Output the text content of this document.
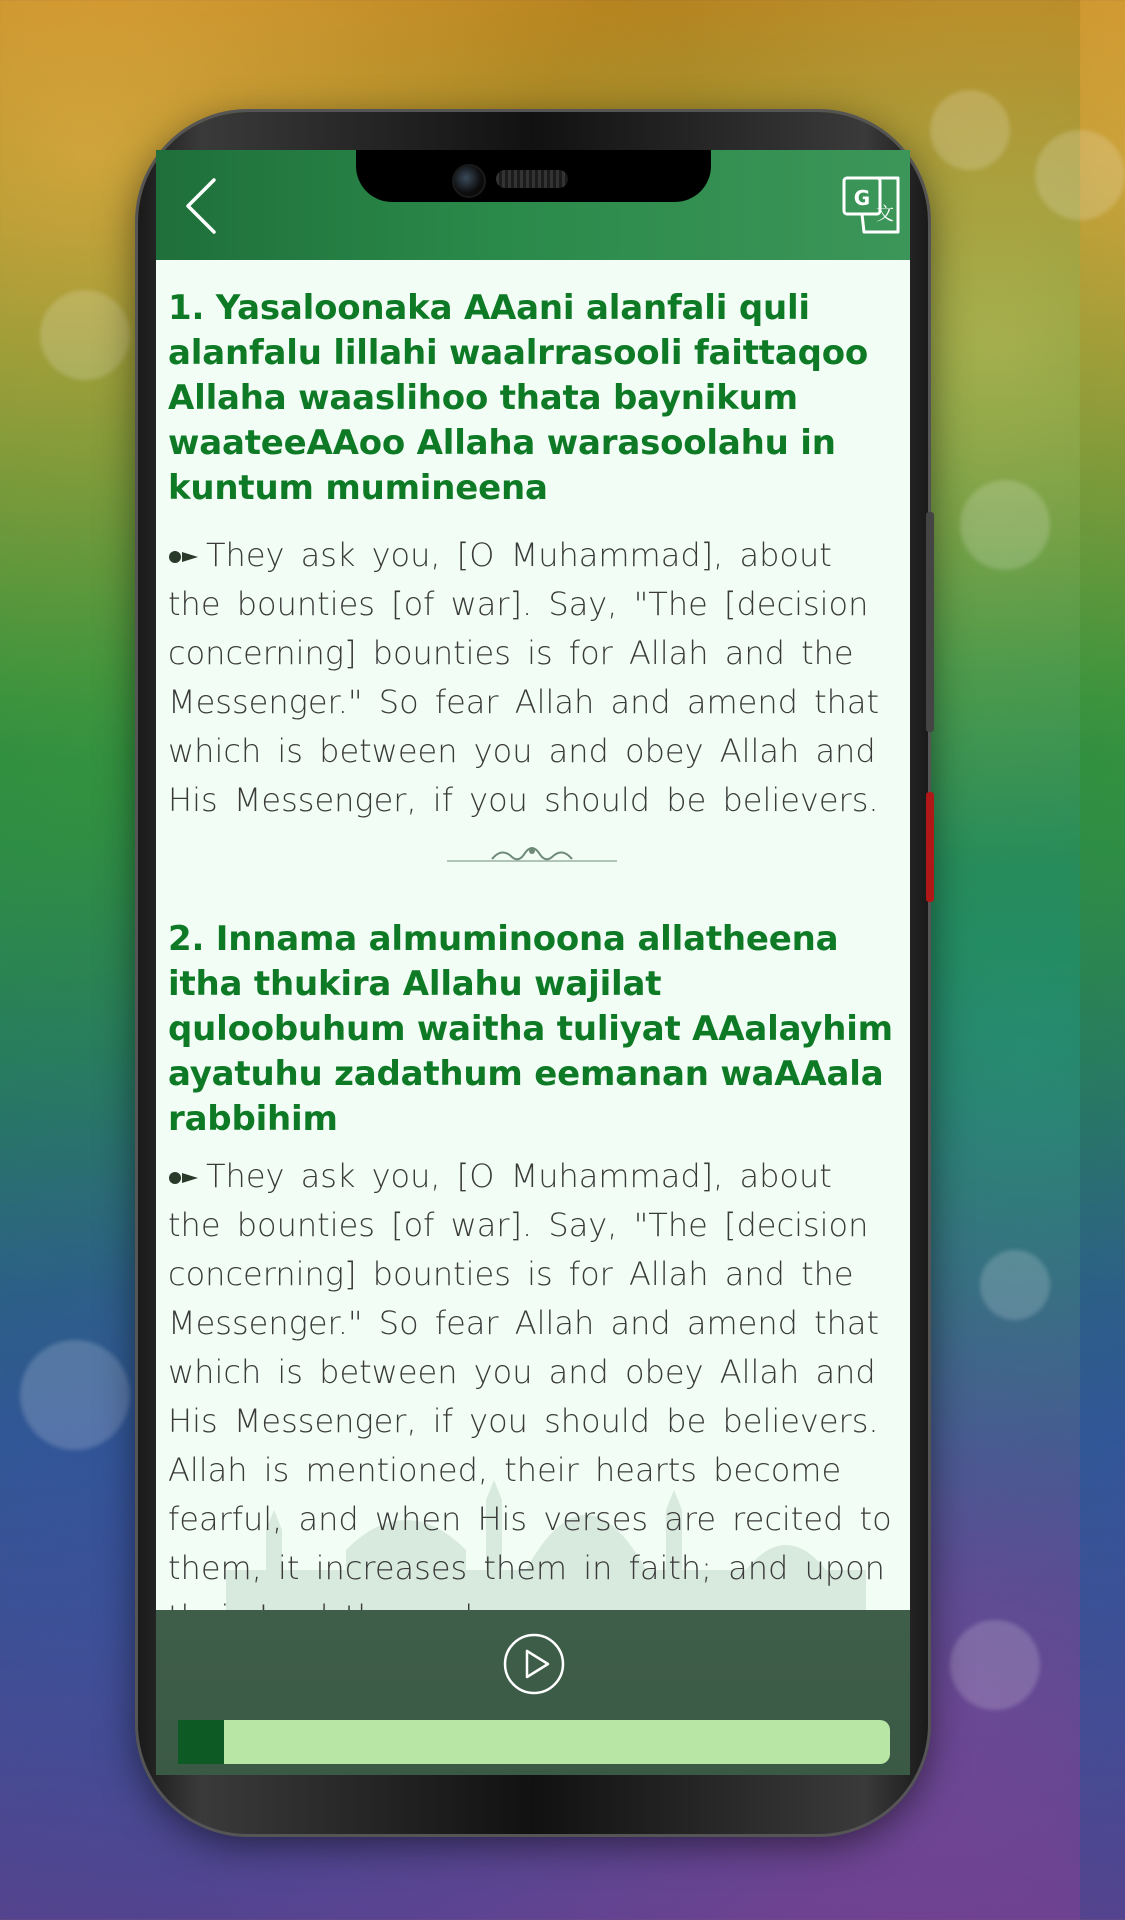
G
文
1. Yasaloonaka AAani alanfali quli alanfalu lillahi waalrrasooli faittaqoo Allaha waaslihoo thata baynikum waateeAAoo Allaha warasoolahu in kuntum mumineena

They ask you, [O Muhammad], about the bounties [of war]. Say, "The [decision concerning] bounties is for Allah and the Messenger." So fear Allah and amend that which is between you and obey Allah and His Messenger, if you should be believers.

2. Innama almuminoona allatheena itha thukira Allahu wajilat quloobuhum waitha tuliyat AAalayhim ayatuhu zadathum eemanan waAAala rabbihim

They ask you, [O Muhammad], about the bounties [of war]. Say, "The [decision concerning] bounties is for Allah and the Messenger." So fear Allah and amend that which is between you and obey Allah and His Messenger, if you should be believers. Allah is mentioned, their hearts become fearful, and when His verses are recited to them, it increases them in faith; and upon
